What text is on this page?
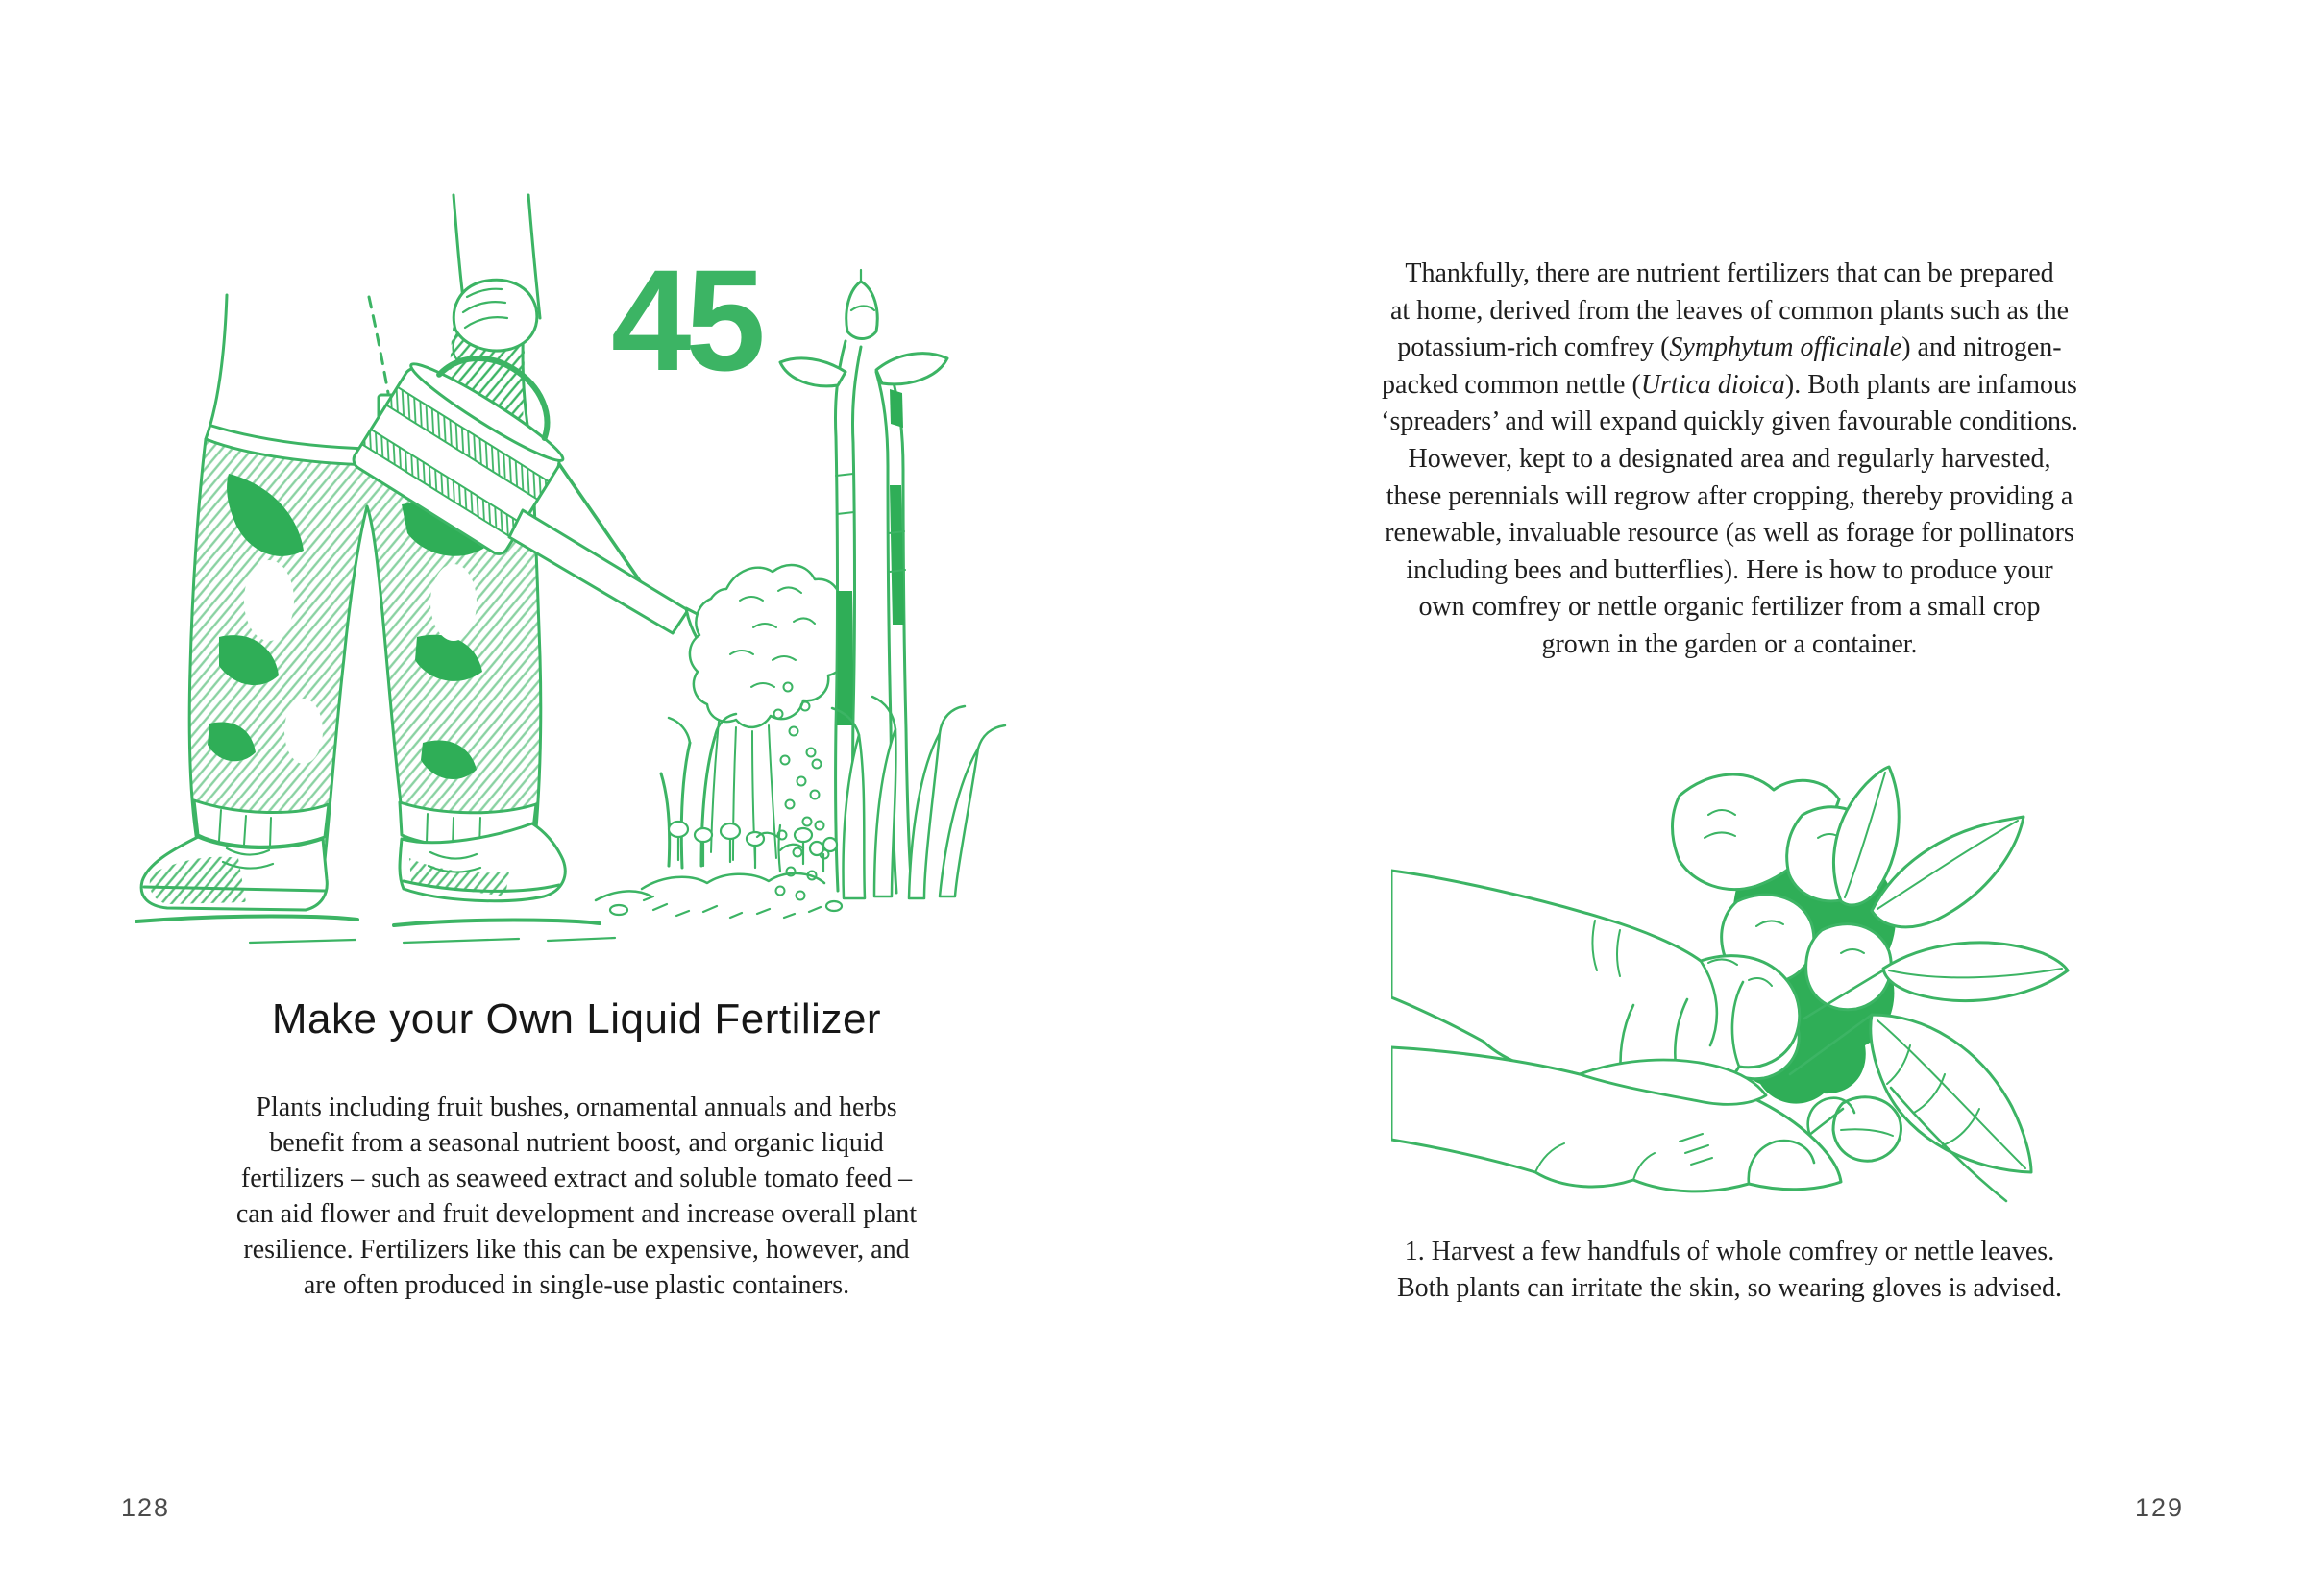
45
Make your Own Liquid Fertilizer
Plants including fruit bushes, ornamental annuals and herbs
benefit from a seasonal nutrient boost, and organic liquid
fertilizers – such as seaweed extract and soluble tomato feed –
can aid flower and fruit development and increase overall plant
resilience. Fertilizers like this can be expensive, however, and
are often produced in single-use plastic containers.
128
Thankfully, there are nutrient fertilizers that can be prepared
at home, derived from the leaves of common plants such as the
potassium-rich comfrey (Symphytum officinale) and nitrogen-
packed common nettle (Urtica dioica). Both plants are infamous
‘spreaders’ and will expand quickly given favourable conditions.
However, kept to a designated area and regularly harvested,
these perennials will regrow after cropping, thereby providing a
renewable, invaluable resource (as well as forage for pollinators
including bees and butterflies). Here is how to produce your
own comfrey or nettle organic fertilizer from a small crop
grown in the garden or a container.
1. Harvest a few handfuls of whole comfrey or nettle leaves.
Both plants can irritate the skin, so wearing gloves is advised.
129
